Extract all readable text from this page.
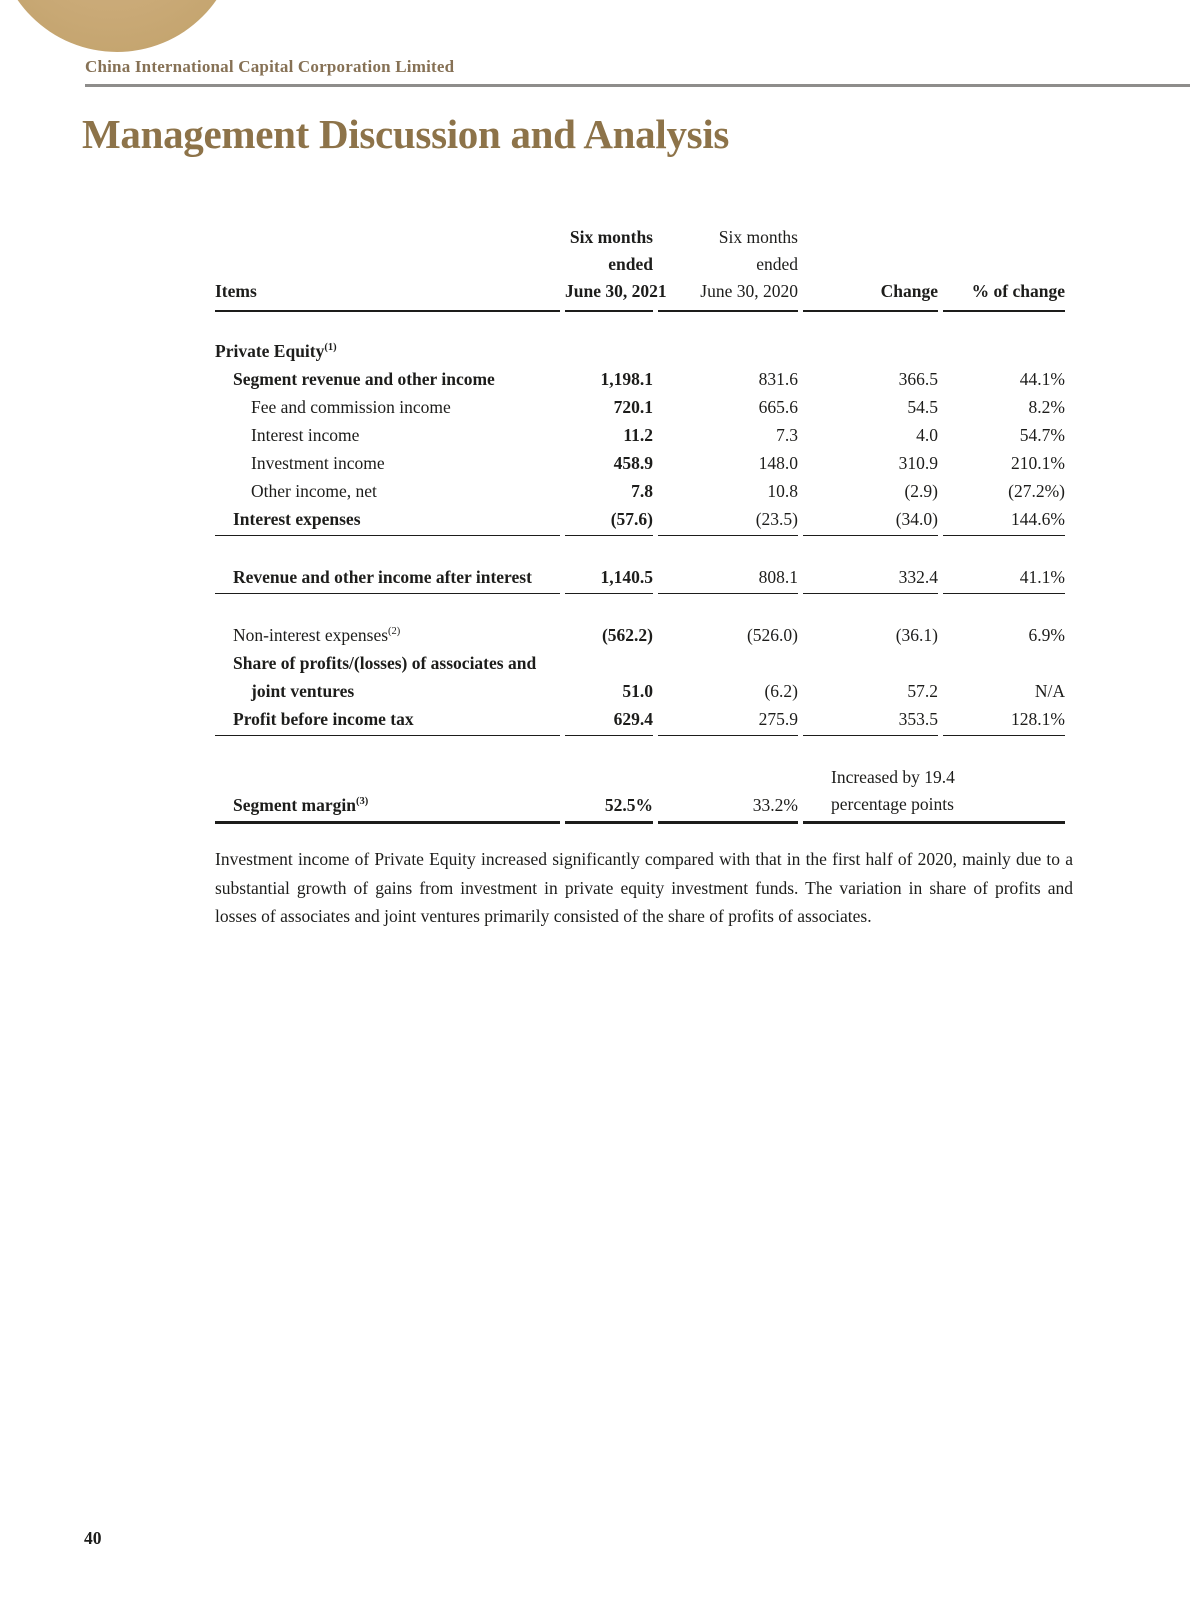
China International Capital Corporation Limited
Management Discussion and Analysis
	Six months	Six months		
	ended	ended		
Items	June 30, 2021	June 30, 2020	Change	% of change
Private Equity$^{(1)}$				
Segment revenue and other income	1,198.1	831.6	366.5	44.1%
Fee and commission income	720.1	665.6	54.5	8.2%
Interest income	11.2	7.3	4.0	54.7%
Investment income	458.9	148.0	310.9	210.1%
Other income, net	7.8	10.8	(2.9)	(27.2%)
Interest expenses	(57.6)	(23.5)	(34.0)	144.6%

Revenue and other income after interest	1,140.5	808.1	332.4	41.1%

Non-interest expenses$^{(2)}$	(562.2)	(526.0)	(36.1)	6.9%
Share of profits/(losses) of associates and				
joint ventures	51.0	(6.2)	57.2	N/A
Profit before income tax	629.4	275.9	353.5	128.1%

Segment margin$^{(3)}$	52.5%	33.2%	Increased by 19.4
percentage points	
Investment income of Private Equity increased significantly compared with that in the first half of 2020, mainly due to a substantial growth of gains from investment in private equity investment funds. The variation in share of profits and losses of associates and joint ventures primarily consisted of the share of profits of associates.
40
